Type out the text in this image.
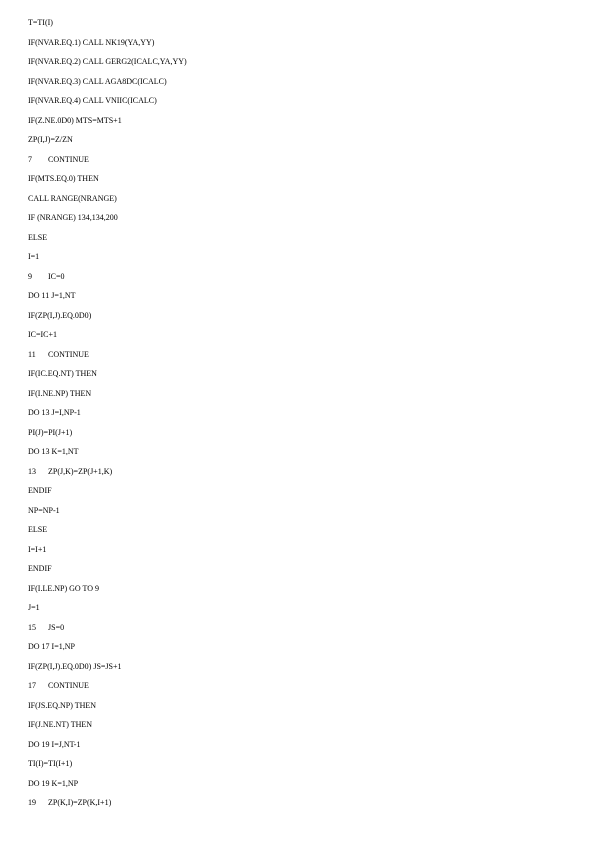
T=TI(I)
IF(NVAR.EQ.1) CALL NK19(YA,YY)
IF(NVAR.EQ.2) CALL GERG2(ICALC,YA,YY)
IF(NVAR.EQ.3) CALL AGA8DC(ICALC)
IF(NVAR.EQ.4) CALL VNIIC(ICALC)
IF(Z.NE.0D0) MTS=MTS+1
ZP(I,J)=Z/ZN
7	CONTINUE
IF(MTS.EQ.0) THEN
CALL RANGE(NRANGE)
IF (NRANGE) 134,134,200
ELSE
I=1
9	IC=0
DO 11 J=1,NT
IF(ZP(I,J).EQ.0D0)
IC=IC+1
11	CONTINUE
IF(IC.EQ.NT) THEN
IF(I.NE.NP) THEN
DO 13 J=I,NP-1
PI(J)=PI(J+1)
DO 13 K=1,NT
13	ZP(J,K)=ZP(J+1,K)
ENDIF
NP=NP-1
ELSE
I=I+1
ENDIF
IF(I.LE.NP) GO TO 9
J=1
15	JS=0
DO 17 I=1,NP
IF(ZP(I,J).EQ.0D0) JS=JS+1
17	CONTINUE
IF(JS.EQ.NP) THEN
IF(J.NE.NT) THEN
DO 19 I=J,NT-1
TI(I)=TI(I+1)
DO 19 K=1,NP
19	ZP(K,I)=ZP(K,I+1)
